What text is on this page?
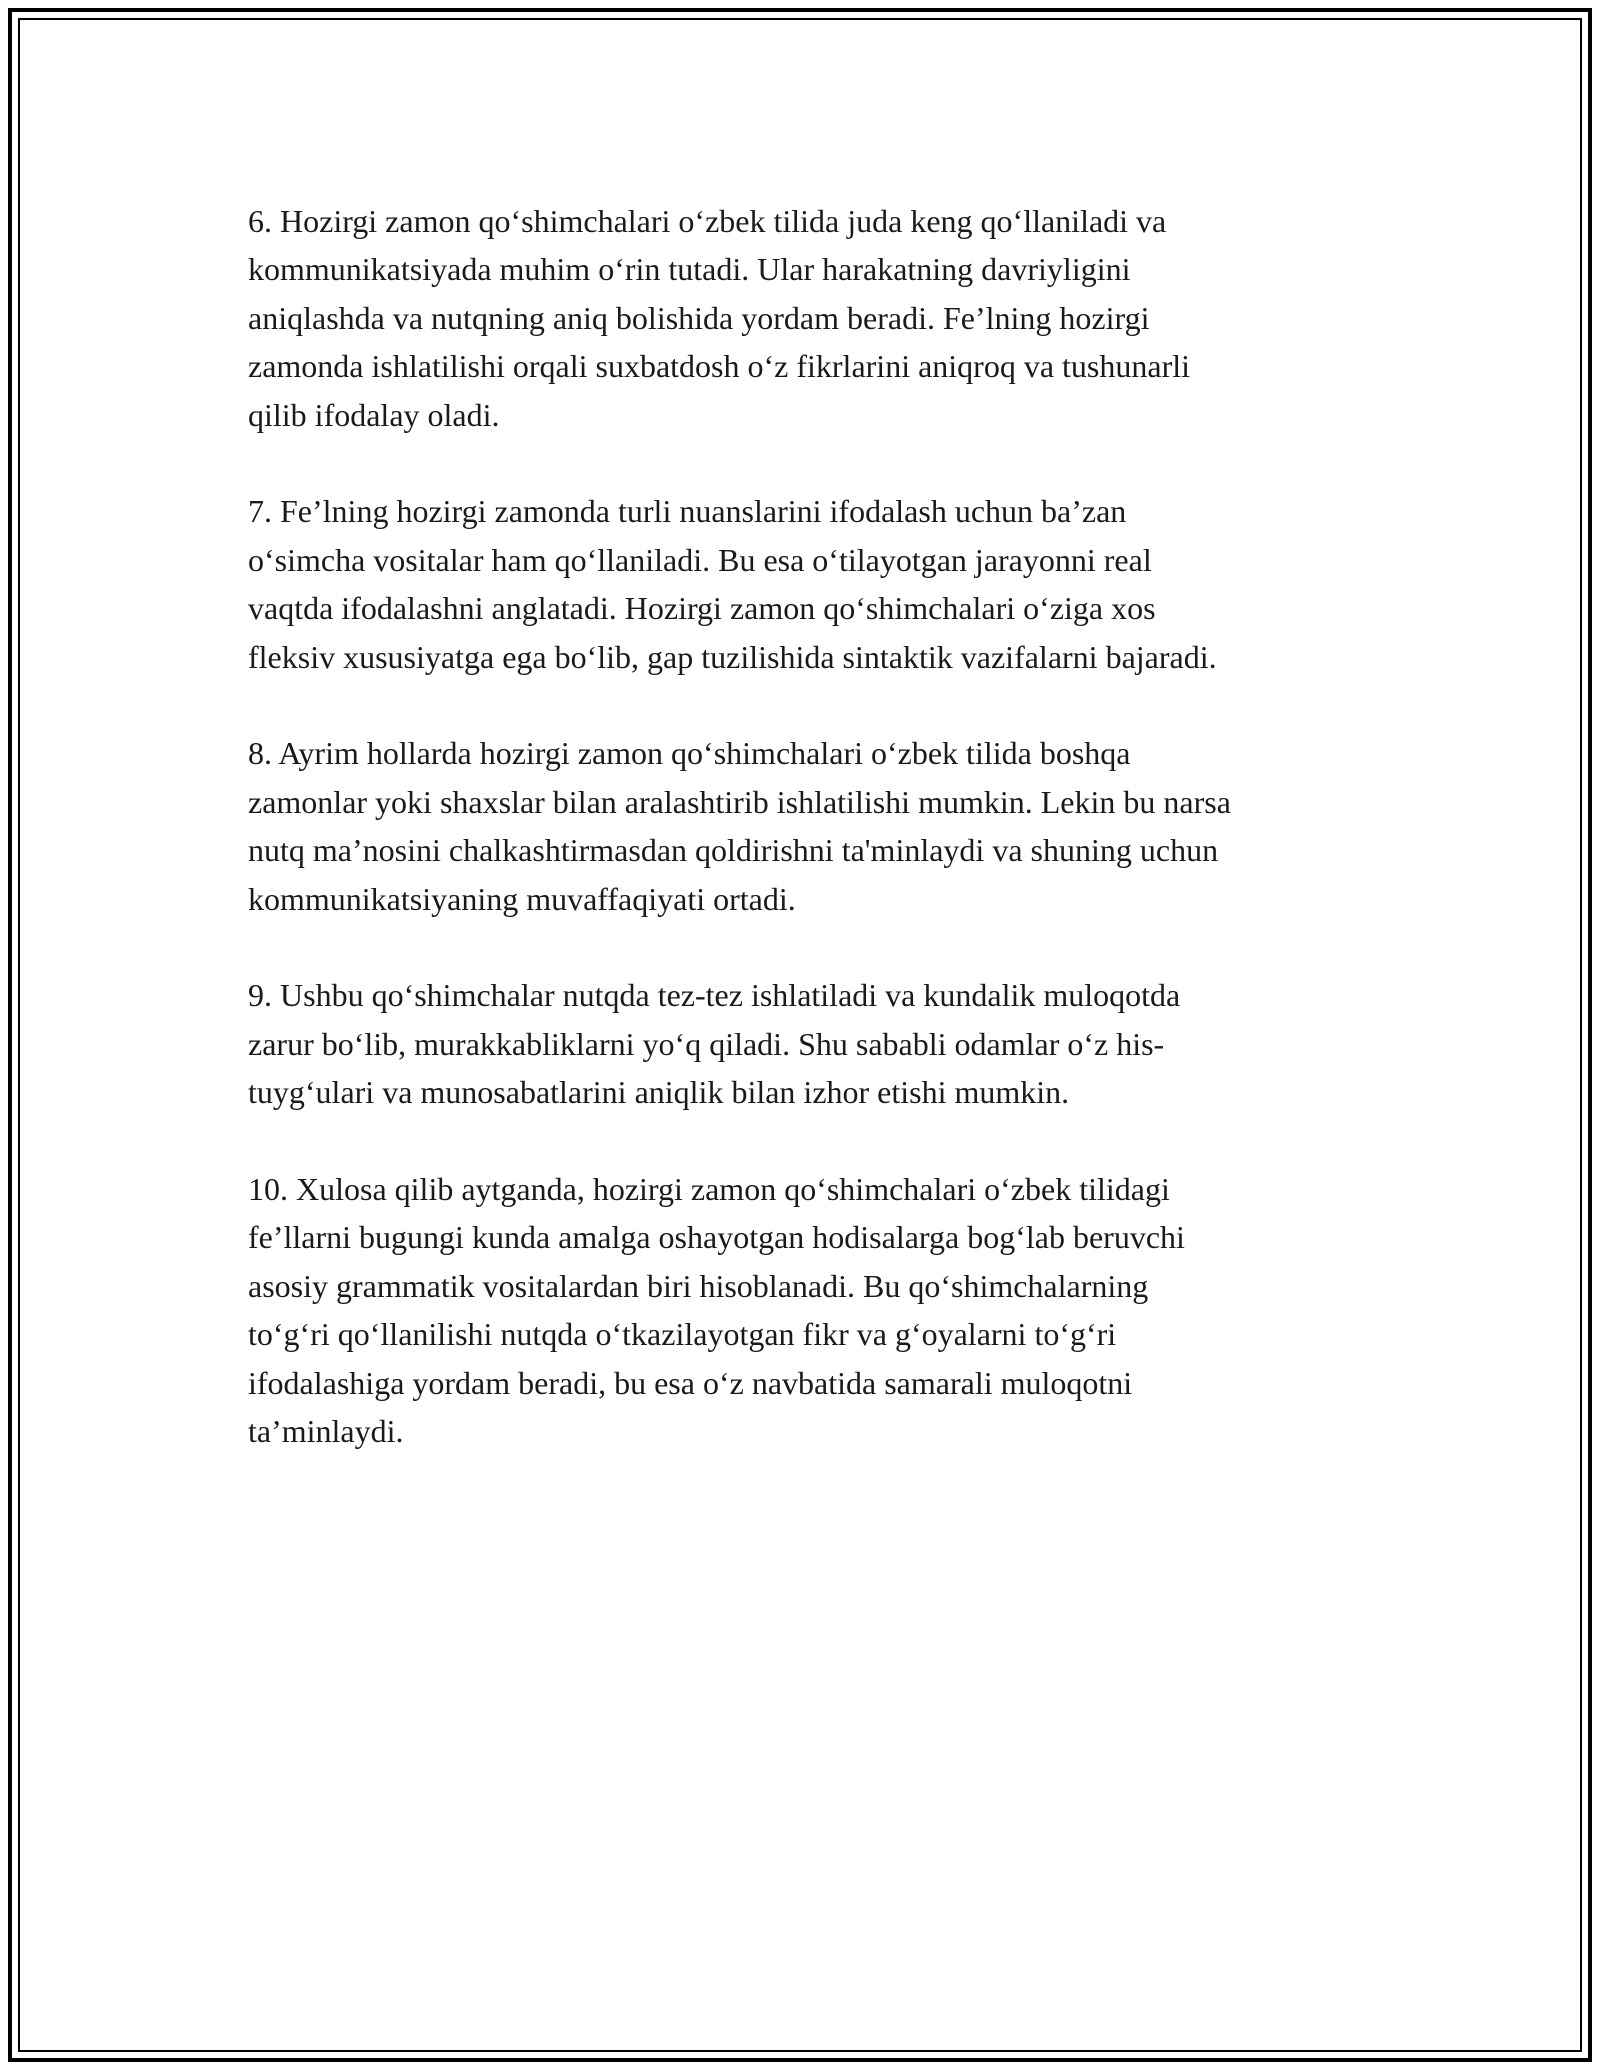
6. Hozirgi zamon qo‘shimchalari o‘zbek tilida juda keng qo‘llaniladi va
kommunikatsiyada muhim o‘rin tutadi. Ular harakatning davriyligini
aniqlashda va nutqning aniq bolishida yordam beradi. Fe’lning hozirgi
zamonda ishlatilishi orqali suxbatdosh o‘z fikrlarini aniqroq va tushunarli
qilib ifodalay oladi.

7. Fe’lning hozirgi zamonda turli nuanslarini ifodalash uchun ba’zan
o‘simcha vositalar ham qo‘llaniladi. Bu esa o‘tilayotgan jarayonni real
vaqtda ifodalashni anglatadi. Hozirgi zamon qo‘shimchalari o‘ziga xos
fleksiv xususiyatga ega bo‘lib, gap tuzilishida sintaktik vazifalarni bajaradi.

8. Ayrim hollarda hozirgi zamon qo‘shimchalari o‘zbek tilida boshqa
zamonlar yoki shaxslar bilan aralashtirib ishlatilishi mumkin. Lekin bu narsa
nutq ma’nosini chalkashtirmasdan qoldirishni ta'minlaydi va shuning uchun
kommunikatsiyaning muvaffaqiyati ortadi.

9. Ushbu qo‘shimchalar nutqda tez-tez ishlatiladi va kundalik muloqotda
zarur bo‘lib, murakkabliklarni yo‘q qiladi. Shu sababli odamlar o‘z his-
tuyg‘ulari va munosabatlarini aniqlik bilan izhor etishi mumkin.

10. Xulosa qilib aytganda, hozirgi zamon qo‘shimchalari o‘zbek tilidagi
fe’llarni bugungi kunda amalga oshayotgan hodisalarga bog‘lab beruvchi
asosiy grammatik vositalardan biri hisoblanadi. Bu qo‘shimchalarning
to‘g‘ri qo‘llanilishi nutqda o‘tkazilayotgan fikr va g‘oyalarni to‘g‘ri
ifodalashiga yordam beradi, bu esa o‘z navbatida samarali muloqotni
ta’minlaydi.
